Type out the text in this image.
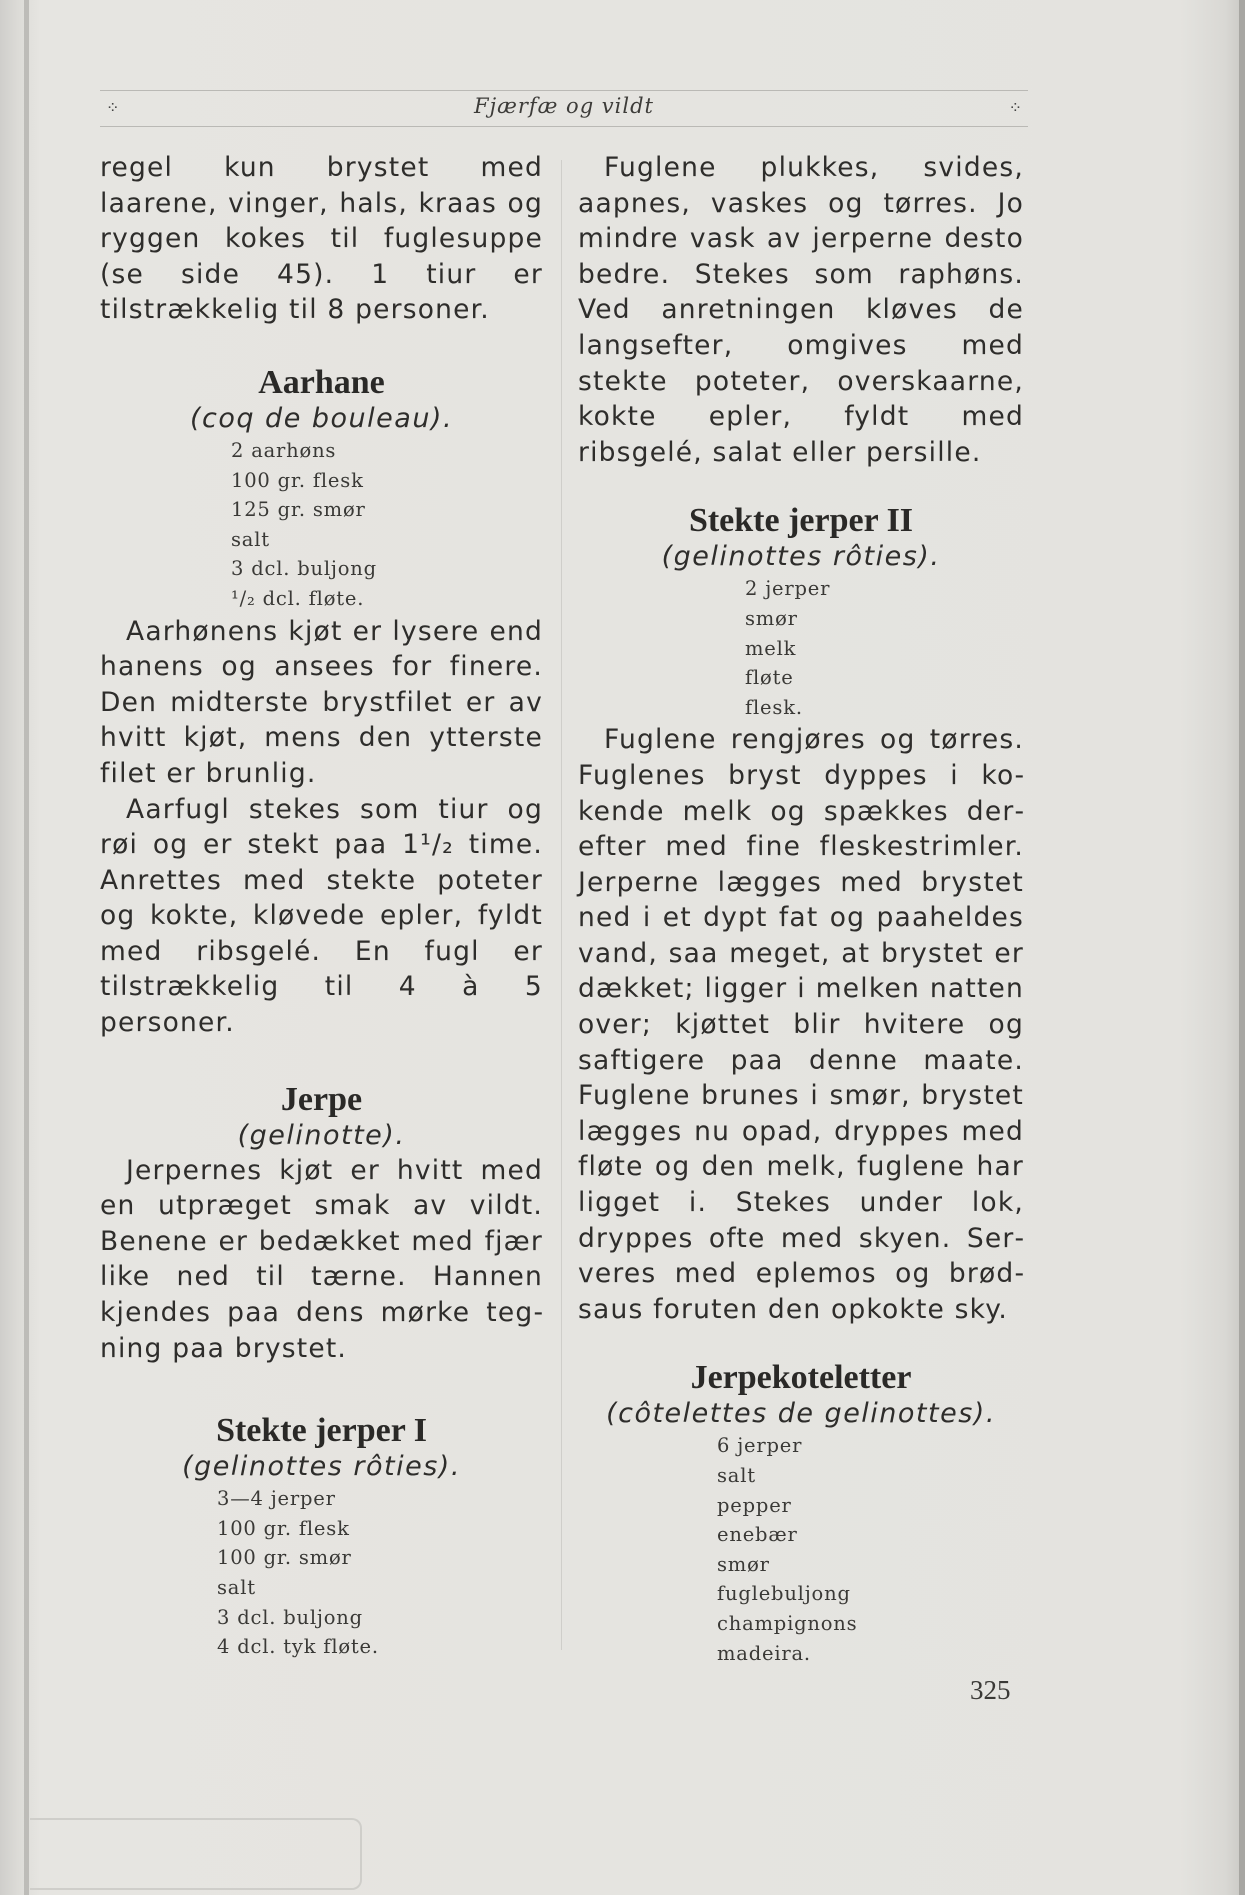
⁘	Fjærfæ og vildt	⁘

regel kun brystet med laarene, vinger, hals, kraas og ryggen kokes til fuglesuppe (se side 45). 1 tiur er tilstrækkelig til 8 personer.

Aarhane
(coq de bouleau).
2 aarhøns
100 gr. flesk
125 gr. smør
salt
3 dcl. buljong
¹/₂ dcl. fløte.

Aarhønens kjøt er lysere end hanens og ansees for finere. Den midterste brystfilet er av hvitt kjøt, mens den ytterste filet er brunlig.

Aarfugl stekes som tiur og røi og er stekt paa 1¹/₂ time. Anrettes med stekte poteter og kokte, kløvede epler, fyldt med ribsgelé. En fugl er tilstrækkelig til 4 à 5 personer.

Jerpe
(gelinotte).

Jerpernes kjøt er hvitt med en utpræget smak av vildt. Benene er bedækket med fjær like ned til tærne. Hannen kjendes paa dens mørke tegning paa brystet.

Stekte jerper I
(gelinottes rôties).
3—4 jerper
100 gr. flesk
100 gr. smør
salt
3 dcl. buljong
4 dcl. tyk fløte.

Fuglene plukkes, svides, aapnes, vaskes og tørres. Jo mindre vask av jerperne desto bedre. Stekes som raphøns. Ved anretningen kløves de langsefter, omgives med stekte poteter, overskaarne, kokte epler, fyldt med ribsgelé, salat eller persille.

Stekte jerper II
(gelinottes rôties).
2 jerper
smør
melk
fløte
flesk.

Fuglene rengjøres og tørres. Fuglenes bryst dyppes i kokende melk og spækkes derefter med fine fleskestrimler. Jerperne lægges med brystet ned i et dypt fat og paaheldes vand, saa meget, at brystet er dækket; ligger i melken natten over; kjøttet blir hvitere og saftigere paa denne maate. Fuglene brunes i smør, brystet lægges nu opad, dryppes med fløte og den melk, fuglene har ligget i. Stekes under lok, dryppes ofte med skyen. Serveres med eplemos og brødsaus foruten den opkokte sky.

Jerpekoteletter
(côtelettes de gelinottes).
6 jerper
salt
pepper
enebær
smør
fuglebuljong
champignons
madeira.
325
